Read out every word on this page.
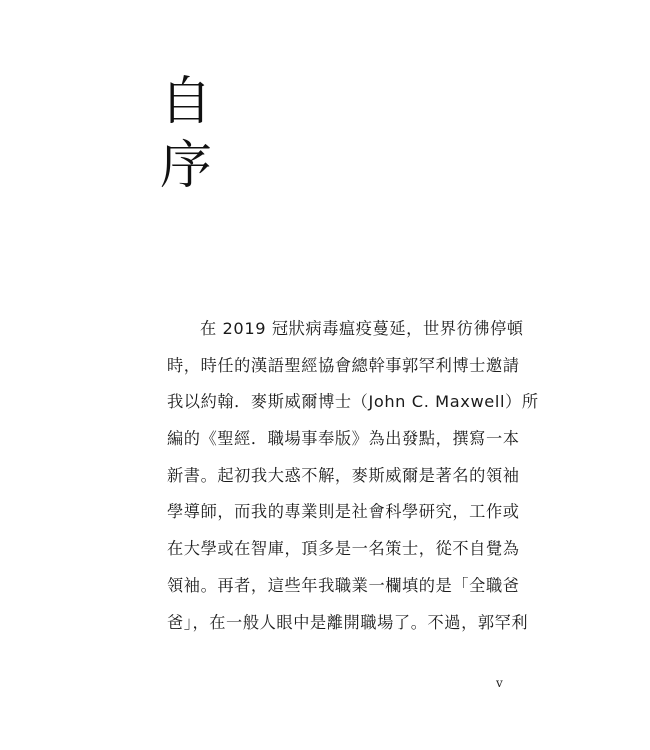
自
序
在 2019 冠狀病毒瘟疫蔓延，世界彷彿停頓
時，時任的漢語聖經協會總幹事郭罕利博士邀請
我以約翰．麥斯威爾博士（John C. Maxwell）所
編的《聖經．職場事奉版》為出發點，撰寫一本
新書。起初我大惑不解，麥斯威爾是著名的領袖
學導師，而我的專業則是社會科學研究，工作或
在大學或在智庫，頂多是一名策士，從不自覺為
領袖。再者，這些年我職業一欄填的是「全職爸
爸」，在一般人眼中是離開職場了。不過，郭罕利
v
